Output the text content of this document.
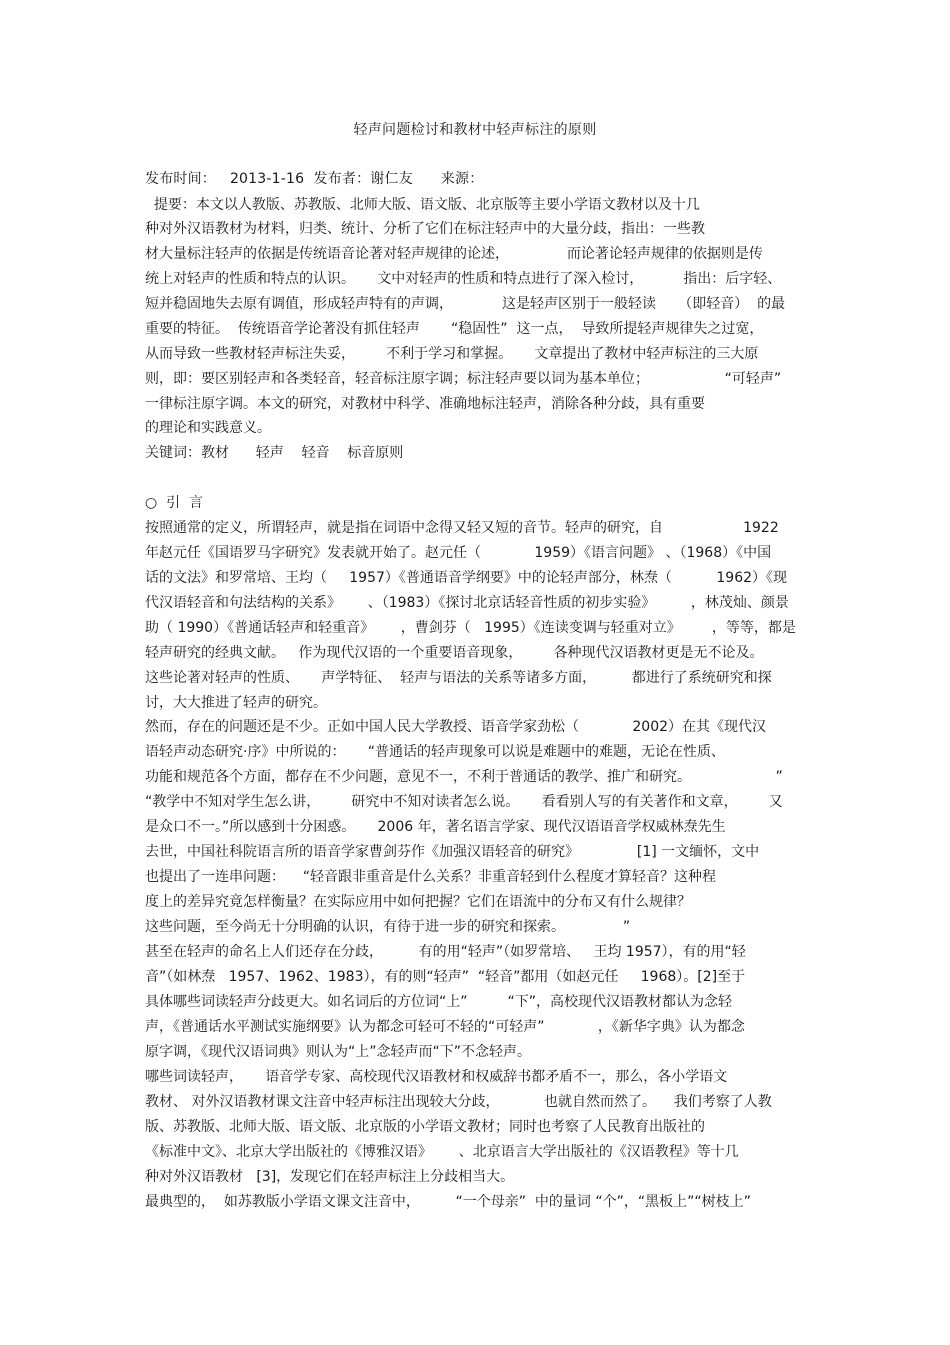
轻声问题检讨和教材中轻声标注的原则
发布时间：   2013-1-16  发布者：谢仁友      来源：
提要：本文以人教版、苏教版、北师大版、语文版、北京版等主要小学语文教材以及十几
种对外汉语教材为材料，归类、统计、分析了它们在标注轻声中的大量分歧，指出：一些教
材大量标注轻声的依据是传统语音论著对轻声规律的论述，             而论著论轻声规律的依据则是传
统上对轻声的性质和特点的认识。     文中对轻声的性质和特点进行了深入检讨，         指出：后字轻、
短并稳固地失去原有调值，形成轻声特有的声调，           这是轻声区别于一般轻读     （即轻音）  的最
重要的特征。  传统语音学论著没有抓住轻声       “稳固性”  这一点，  导致所提轻声规律失之过宽，
从而导致一些教材轻声标注失妥，       不利于学习和掌握。     文章提出了教材中轻声标注的三大原
则，即：要区别轻声和各类轻音，轻音标注原字调；标注轻声要以词为基本单位；                 “可轻声”
一律标注原字调。本文的研究，对教材中科学、准确地标注轻声，消除各种分歧，具有重要
的理论和实践意义。
关键词：教材      轻声    轻音    标音原则
○  引  言
按照通常的定义，所谓轻声，就是指在词语中念得又轻又短的音节。轻声的研究，自                  1922
年赵元任《国语罗马字研究》发表就开始了。赵元任（            1959）《语言问题》 、（1968）《中国
话的文法》和罗常培、王均（     1957）《普通语音学纲要》中的论轻声部分，林焘（          1962）《现
代汉语轻音和句法结构的关系》      、（1983）《探讨北京话轻音性质的初步实验》        ，林茂灿、颜景
助（ 1990）《普通话轻声和轻重音》      ，曹剑芬（   1995）《连读变调与轻重对立》       ，等等，都是
轻声研究的经典文献。   作为现代汉语的一个重要语音现象，       各种现代汉语教材更是无不论及。
这些论著对轻声的性质、     声学特征、  轻声与语法的关系等诸多方面，        都进行了系统研究和探
讨，大大推进了轻声的研究。
然而，存在的问题还是不少。正如中国人民大学教授、语音学家劲松（            2002）在其《现代汉
语轻声动态研究·序》中所说的：     “普通话的轻声现象可以说是难题中的难题，无论在性质、
功能和规范各个方面，都存在不少问题，意见不一，不利于普通话的教学、推广和研究。                   ”
“教学中不知对学生怎么讲，       研究中不知对读者怎么说。     看看别人写的有关著作和文章，       又
是众口不一。”所以感到十分困惑。     2006 年，著名语言学家、现代汉语语音学权威林焘先生
去世，中国社科院语言所的语音学家曹剑芬作《加强汉语轻音的研究》             [1] 一文缅怀，文中
也提出了一连串问题：    “轻音跟非重音是什么关系？非重音轻到什么程度才算轻音？这种程
度上的差异究竟怎样衡量？在实际应用中如何把握？它们在语流中的分布又有什么规律？
这些问题，至今尚无十分明确的认识，有待于进一步的研究和探索。             ”
甚至在轻声的命名上人们还存在分歧，        有的用“轻声”（如罗常培、   王均 1957），有的用“轻
音”（如林焘   1957、1962、1983），有的则“轻声”  “轻音”都用（如赵元任     1968）。[2]至于
具体哪些词读轻声分歧更大。如名词后的方位词“上”         “下”，高校现代汉语教材都认为念轻
声，《普通话水平测试实施纲要》认为都念可轻可不轻的“可轻声”            ，《新华字典》认为都念
原字调，《现代汉语词典》则认为“上”念轻声而“下”不念轻声。
哪些词读轻声，     语音学专家、高校现代汉语教材和权威辞书都矛盾不一，那么，各小学语文
教材、 对外汉语教材课文注音中轻声标注出现较大分歧，          也就自然而然了。    我们考察了人教
版、苏教版、北师大版、语文版、北京版的小学语文教材；同时也考察了人民教育出版社的
《标准中文》、北京大学出版社的《博雅汉语》      、北京语言大学出版社的《汉语教程》等十几
种对外汉语教材   [3]，发现它们在轻声标注上分歧相当大。
最典型的，  如苏教版小学语文课文注音中，        “一个母亲”  中的量词 “个”，“黑板上”“树枝上”
